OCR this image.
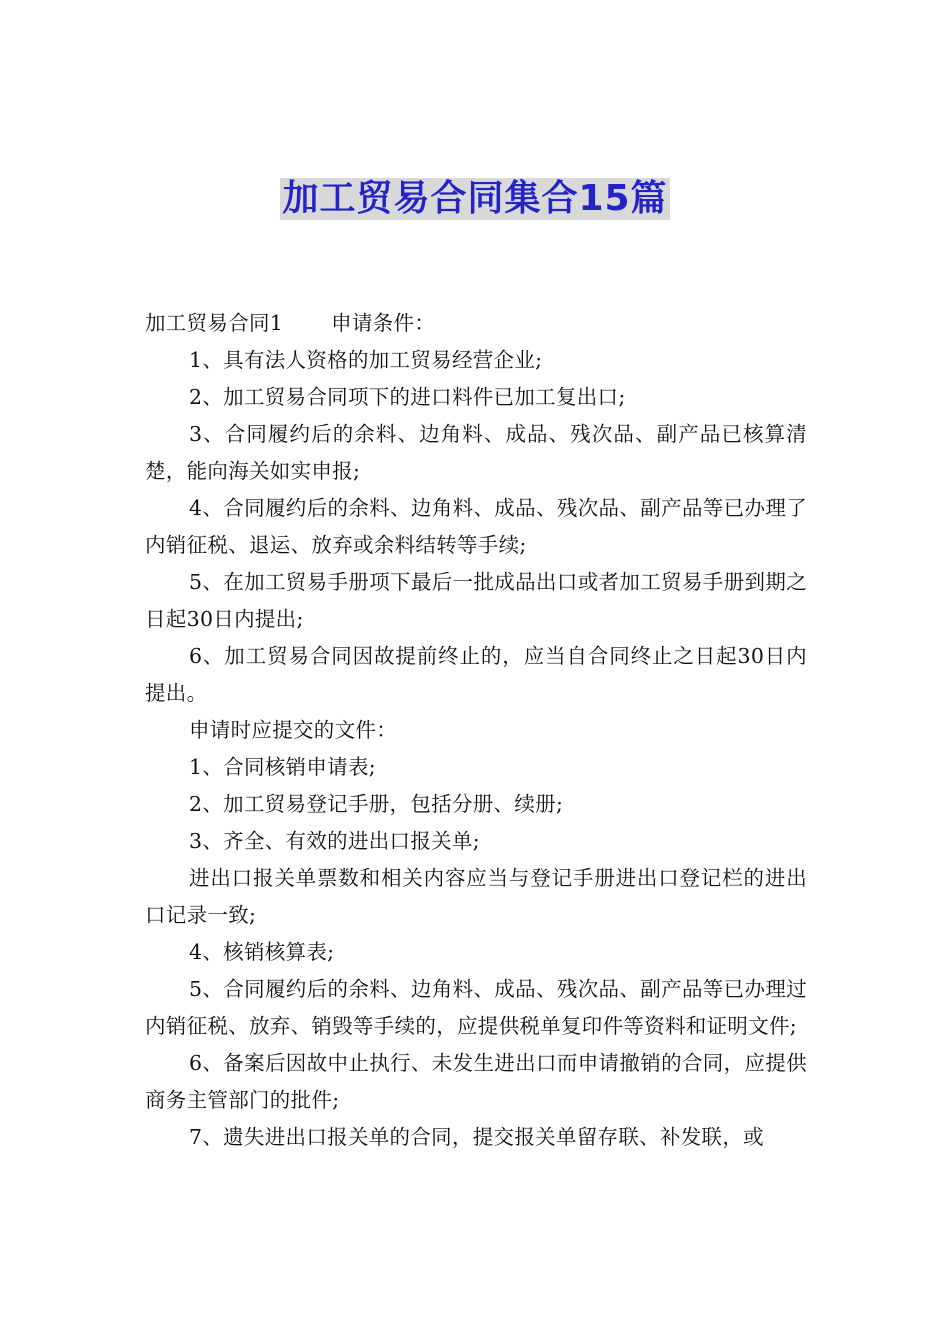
加工贸易合同集合15篇

加工贸易合同1 申请条件：

1、具有法人资格的加工贸易经营企业;

2、加工贸易合同项下的进口料件已加工复出口;

3、合同履约后的余料、边角料、成品、残次品、副产品已核算清楚，能向海关如实申报;

4、合同履约后的余料、边角料、成品、残次品、副产品等已办理了内销征税、退运、放弃或余料结转等手续;

5、在加工贸易手册项下最后一批成品出口或者加工贸易手册到期之日起30日内提出;

6、加工贸易合同因故提前终止的，应当自合同终止之日起30日内提出。

申请时应提交的文件：

1、合同核销申请表;

2、加工贸易登记手册，包括分册、续册;

3、齐全、有效的进出口报关单;

进出口报关单票数和相关内容应当与登记手册进出口登记栏的进出口记录一致;

4、核销核算表;

5、合同履约后的余料、边角料、成品、残次品、副产品等已办理过内销征税、放弃、销毁等手续的，应提供税单复印件等资料和证明文件;

6、备案后因故中止执行、未发生进出口而申请撤销的合同，应提供商务主管部门的批件;

7、遗失进出口报关单的合同，提交报关单留存联、补发联，或
